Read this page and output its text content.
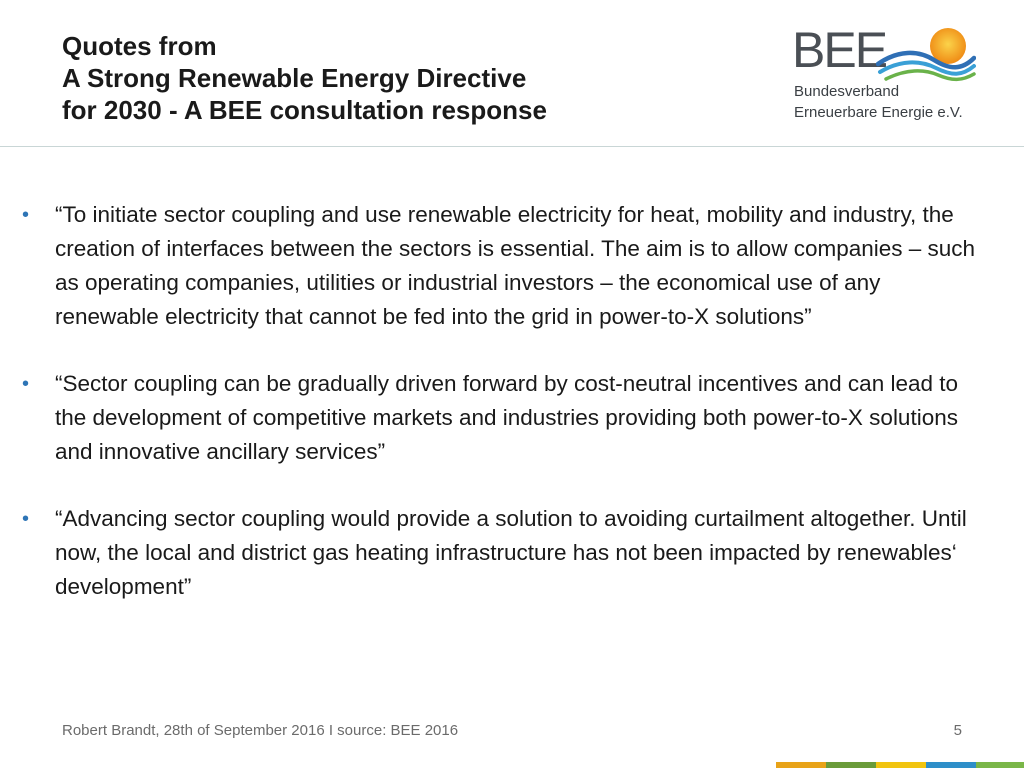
Quotes from
A Strong Renewable Energy Directive
for 2030 - A BEE consultation response
BEE
Bundesverband
Erneuerbare Energie e.V.
• “To initiate sector coupling and use renewable electricity for heat, mobility and industry, the creation of interfaces between the sectors is essential. The aim is to allow companies – such as operating companies, utilities or industrial investors – the economical use of any renewable electricity that cannot be fed into the grid in power-to-X solutions”
• “Sector coupling can be gradually driven forward by cost-neutral incentives and can lead to the development of competitive markets and industries providing both power-to-X solutions and innovative ancillary services”
• “Advancing sector coupling would provide a solution to avoiding curtailment altogether. Until now, the local and district gas heating infrastructure has not been impacted by renewables‘ development”
Robert Brandt, 28th of September 2016 I source: BEE 2016	5
